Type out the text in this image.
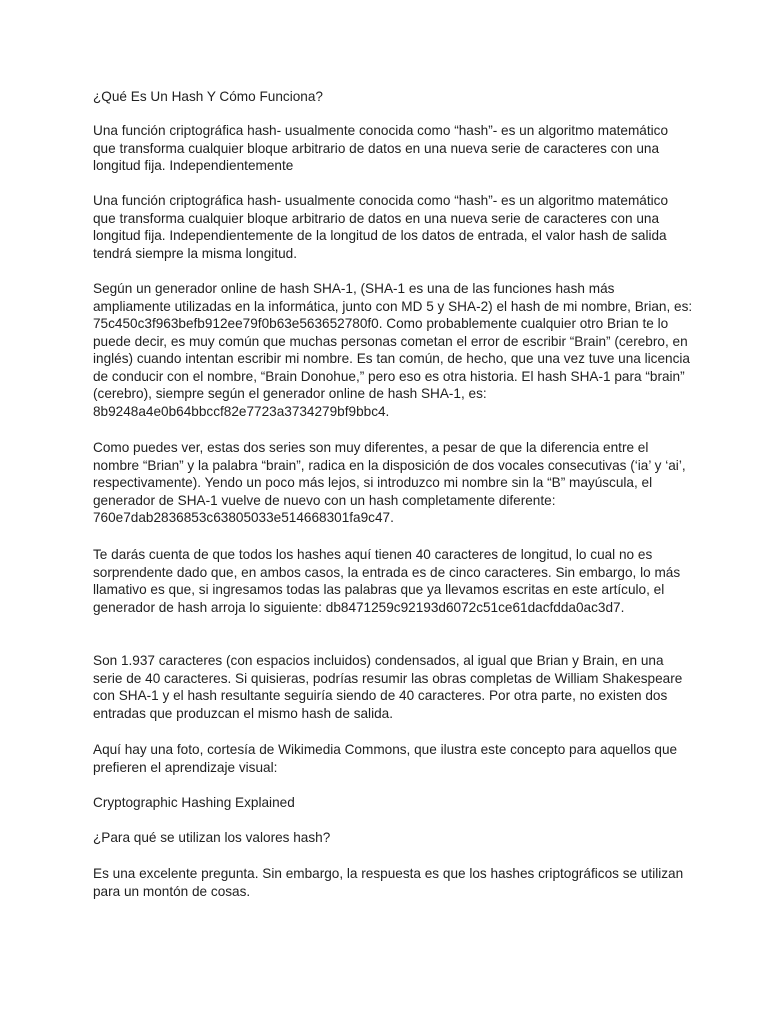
¿Qué Es Un Hash Y Cómo Funciona?

Una función criptográfica hash- usualmente conocida como “hash”- es un algoritmo matemático que transforma cualquier bloque arbitrario de datos en una nueva serie de caracteres con una longitud fija. Independientemente

Una función criptográfica hash- usualmente conocida como “hash”- es un algoritmo matemático que transforma cualquier bloque arbitrario de datos en una nueva serie de caracteres con una longitud fija. Independientemente de la longitud de los datos de entrada, el valor hash de salida tendrá siempre la misma longitud.

Según un generador online de hash SHA-1, (SHA-1 es una de las funciones hash más ampliamente utilizadas en la informática, junto con MD 5 y SHA-2) el hash de mi nombre, Brian, es: 75c450c3f963befb912ee79f0b63e563652780f0. Como probablemente cualquier otro Brian te lo puede decir, es muy común que muchas personas cometan el error de escribir “Brain” (cerebro, en inglés) cuando intentan escribir mi nombre. Es tan común, de hecho, que una vez tuve una licencia de conducir con el nombre, “Brain Donohue,” pero eso es otra historia. El hash SHA-1 para “brain” (cerebro), siempre según el generador online de hash SHA-1, es: 8b9248a4e0b64bbccf82e7723a3734279bf9bbc4.

Como puedes ver, estas dos series son muy diferentes, a pesar de que la diferencia entre el nombre “Brian” y la palabra “brain”, radica en la disposición de dos vocales consecutivas (‘ia’ y ‘ai’, respectivamente). Yendo un poco más lejos, si introduzco mi nombre sin la “B” mayúscula, el generador de SHA-1 vuelve de nuevo con un hash completamente diferente: 760e7dab2836853c63805033e514668301fa9c47.

Te darás cuenta de que todos los hashes aquí tienen 40 caracteres de longitud, lo cual no es sorprendente dado que, en ambos casos, la entrada es de cinco caracteres. Sin embargo, lo más llamativo es que, si ingresamos todas las palabras que ya llevamos escritas en este artículo, el generador de hash arroja lo siguiente: db8471259c92193d6072c51ce61dacfdda0ac3d7.

Son 1.937 caracteres (con espacios incluidos) condensados, al igual que Brian y Brain, en una serie de 40 caracteres. Si quisieras, podrías resumir las obras completas de William Shakespeare con SHA-1 y el hash resultante seguiría siendo de 40 caracteres. Por otra parte, no existen dos entradas que produzcan el mismo hash de salida.

Aquí hay una foto, cortesía de Wikimedia Commons, que ilustra este concepto para aquellos que prefieren el aprendizaje visual:

Cryptographic Hashing Explained

¿Para qué se utilizan los valores hash?

Es una excelente pregunta. Sin embargo, la respuesta es que los hashes criptográficos se utilizan para un montón de cosas.
